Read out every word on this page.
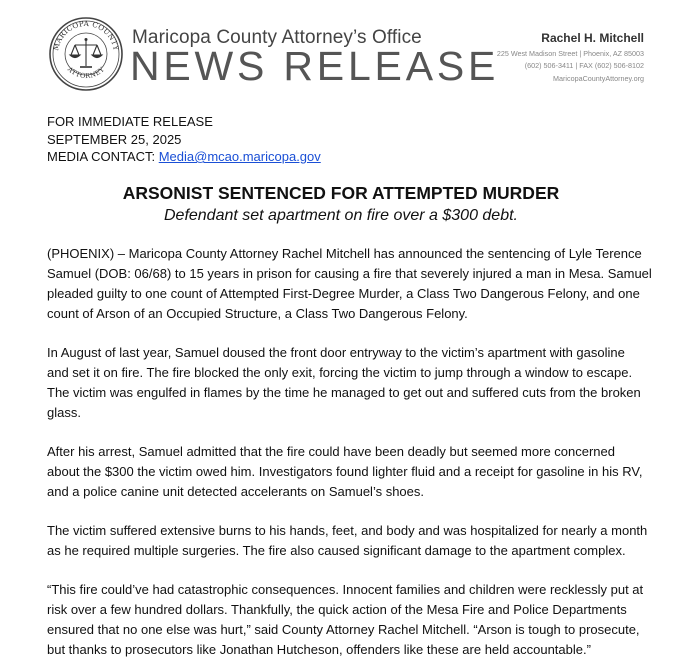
MARICOPA COUNTY
ATTORNEY
Maricopa County Attorney’s Office
NEWS RELEASE
Rachel H. Mitchell
225 West Madison Street | Phoenix, AZ 85003
(602) 506-3411 | FAX (602) 506-8102
MaricopaCountyAttorney.org
FOR IMMEDIATE RELEASE
SEPTEMBER 25, 2025
MEDIA CONTACT: Media@mcao.maricopa.gov
ARSONIST SENTENCED FOR ATTEMPTED MURDER
Defendant set apartment on fire over a $300 debt.

(PHOENIX) – Maricopa County Attorney Rachel Mitchell has announced the sentencing of Lyle Terence
Samuel (DOB: 06/68) to 15 years in prison for causing a fire that severely injured a man in Mesa. Samuel
pleaded guilty to one count of Attempted First-Degree Murder, a Class Two Dangerous Felony, and one
count of Arson of an Occupied Structure, a Class Two Dangerous Felony.

In August of last year, Samuel doused the front door entryway to the victim’s apartment with gasoline
and set it on fire. The fire blocked the only exit, forcing the victim to jump through a window to escape.
The victim was engulfed in flames by the time he managed to get out and suffered cuts from the broken
glass.

After his arrest, Samuel admitted that the fire could have been deadly but seemed more concerned
about the $300 the victim owed him. Investigators found lighter fluid and a receipt for gasoline in his RV,
and a police canine unit detected accelerants on Samuel’s shoes.

The victim suffered extensive burns to his hands, feet, and body and was hospitalized for nearly a month
as he required multiple surgeries. The fire also caused significant damage to the apartment complex.

“This fire could’ve had catastrophic consequences. Innocent families and children were recklessly put at
risk over a few hundred dollars. Thankfully, the quick action of the Mesa Fire and Police Departments
ensured that no one else was hurt,” said County Attorney Rachel Mitchell. “Arson is tough to prosecute,
but thanks to prosecutors like Jonathan Hutcheson, offenders like these are held accountable.”
